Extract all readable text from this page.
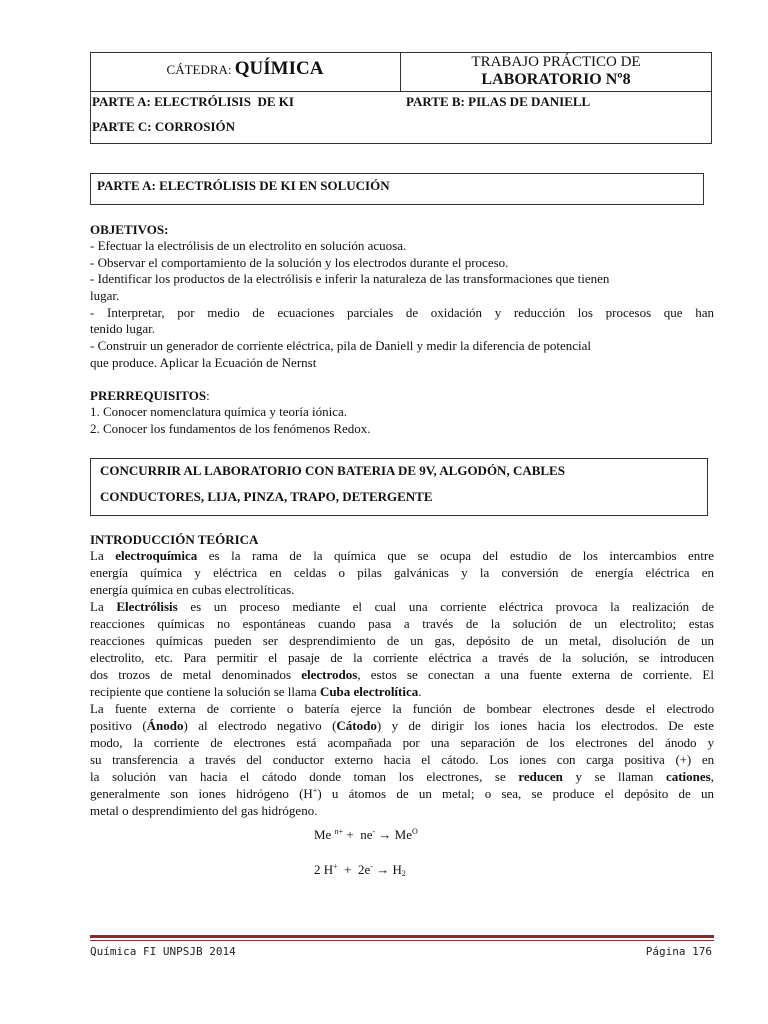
CÁTEDRA: QUÍMICA	TRABAJO PRÁCTICO DE
LABORATORIO Nº8
PARTE A: ELECTRÓLISIS  DE KI	PARTE B: PILAS DE DANIELL
PARTE C: CORROSIÓN
PARTE A: ELECTRÓLISIS DE KI EN SOLUCIÓN
OBJETIVOS:
- Efectuar la electrólisis de un electrolito en solución acuosa.
- Observar el comportamiento de la solución y los electrodos durante el proceso.
- Identificar los productos de la electrólisis e inferir la naturaleza de las transformaciones que tienen
lugar.
- Interpretar, por medio de ecuaciones parciales de oxidación y reducción los procesos que han
tenido lugar.
- Construir un generador de corriente eléctrica, pila de Daniell y medir la diferencia de potencial
que produce. Aplicar la Ecuación de Nernst
PRERREQUISITOS:
1. Conocer nomenclatura química y teoría iónica.
2. Conocer los fundamentos de los fenómenos Redox.
CONCURRIR AL LABORATORIO CON BATERIA DE 9V, ALGODÓN, CABLES
CONDUCTORES, LIJA, PINZA, TRAPO, DETERGENTE
INTRODUCCIÓN TEÓRICA
La electroquímica es la rama de la química que se ocupa del estudio de los intercambios entre
energía química y eléctrica en celdas o pilas galvánicas y la conversión de energía eléctrica en
energía química en cubas electrolíticas.
La Electrólisis es un proceso mediante el cual una corriente eléctrica provoca la realización de
reacciones químicas no espontáneas cuando pasa a través de la solución de un electrolito; estas
reacciones químicas pueden ser desprendimiento de un gas, depósito de un metal, disolución de un
electrolito, etc. Para permitir el pasaje de la corriente eléctrica a través de la solución, se introducen
dos trozos de metal denominados electrodos, estos se conectan a una fuente externa de corriente. El
recipiente que contiene la solución se llama Cuba electrolítica.
La fuente externa de corriente o batería ejerce la función de bombear electrones desde el electrodo
positivo (Ánodo) al electrodo negativo (Cátodo) y de dirigir los iones hacia los electrodos. De este
modo, la corriente de electrones está acompañada por una separación de los electrones del ánodo y
su transferencia a través del conductor externo hacia el cátodo. Los iones con carga positiva (+) en
la solución van hacia el cátodo donde toman los electrones, se reducen y se llaman cationes,
generalmente son iones hidrógeno (H+) u átomos de un metal; o sea, se produce el depósito de un
metal o desprendimiento del gas hidrógeno.
Me $^{n+} + ne^- \to Me^O$
2 $H^+ + 2e^- \to H_2$
Química FI UNPSJB 2014	Página 176
